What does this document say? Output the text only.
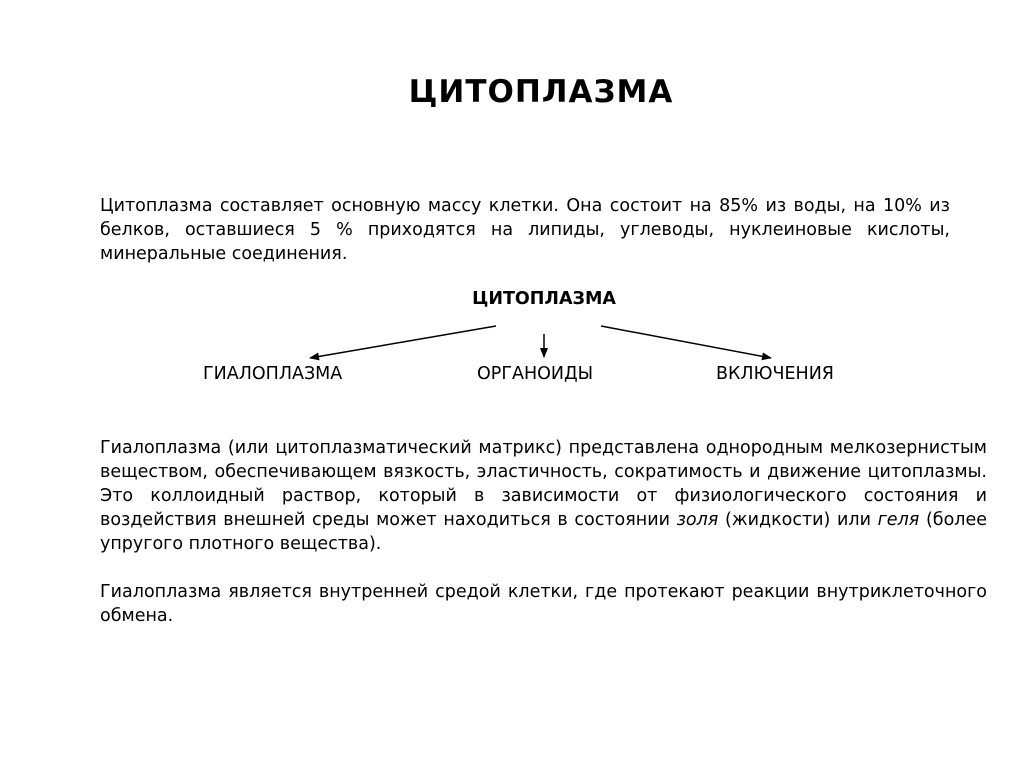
ЦИТОПЛАЗМА

Цитоплазма составляет основную массу клетки. Она состоит на 85% из воды, на 10% из белков, оставшиеся 5 % приходятся на липиды, углеводы, нуклеиновые кислоты, минеральные соединения.

ЦИТОПЛАЗМА

ГИАЛОПЛАЗМА	ОРГАНОИДЫ	ВКЛЮЧЕНИЯ

Гиалоплазма (или цитоплазматический матрикс) представлена однородным мелкозернистым веществом, обеспечивающем вязкость, эластичность, сократимость и движение цитоплазмы. Это коллоидный раствор, который в зависимости от физиологического состояния и воздействия внешней среды может находиться в состоянии золя (жидкости) или геля (более упругого плотного вещества).

Гиалоплазма является внутренней средой клетки, где протекают реакции внутриклеточного обмена.
